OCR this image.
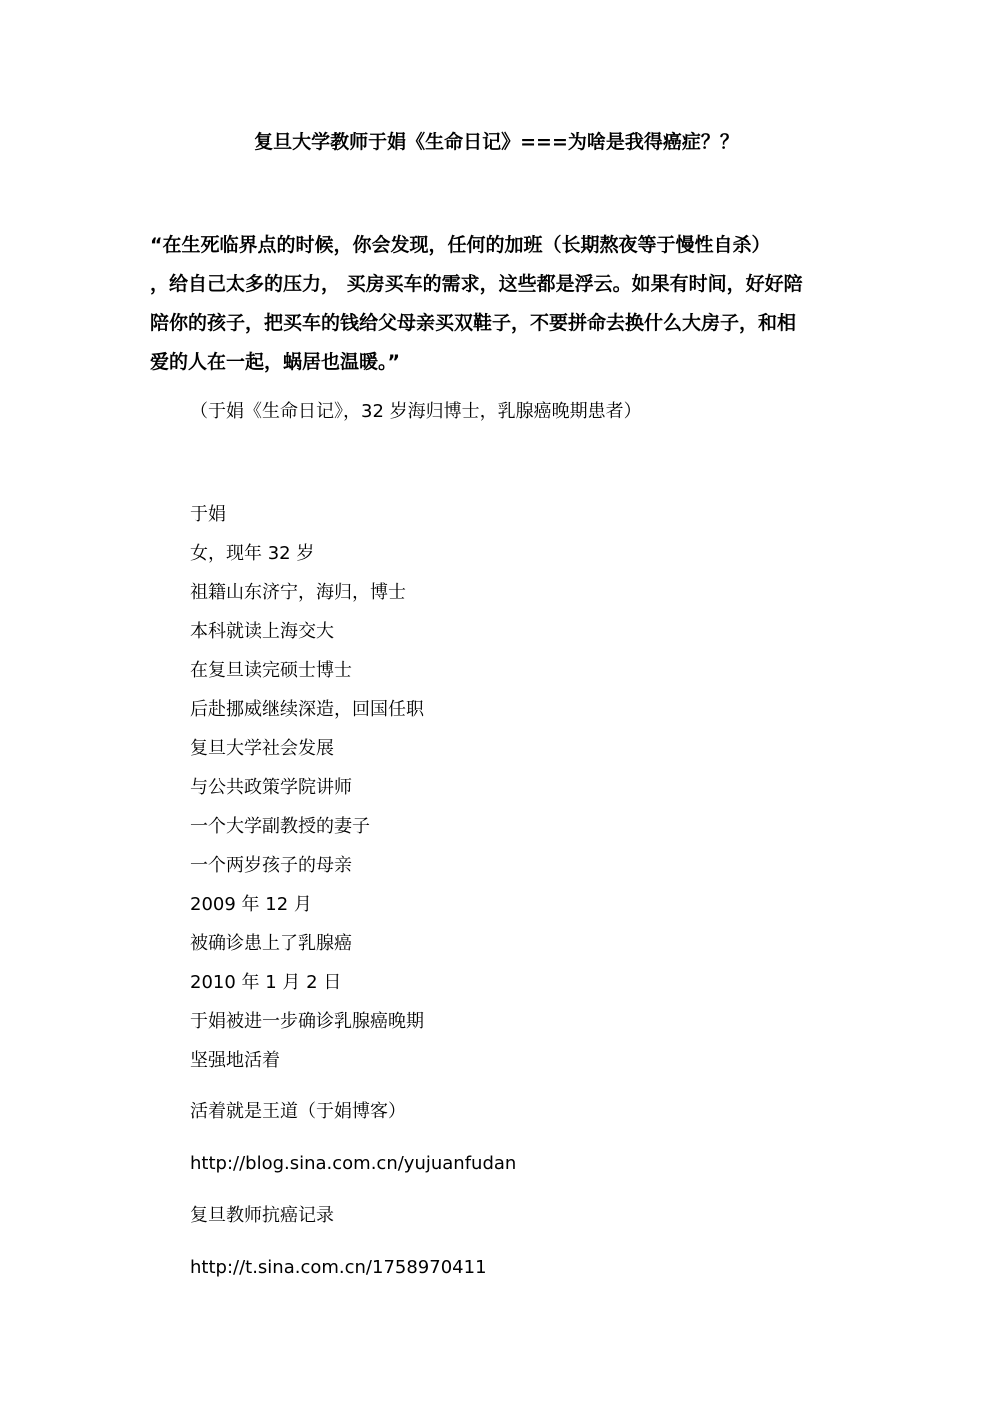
复旦大学教师于娟《生命日记》===为啥是我得癌症？？
“在生死临界点的时候，你会发现，任何的加班（长期熬夜等于慢性自杀）
，给自己太多的压力， 买房买车的需求，这些都是浮云。如果有时间，好好陪
陪你的孩子，把买车的钱给父母亲买双鞋子，不要拼命去换什么大房子，和相
爱的人在一起，蜗居也温暖。”
（于娟《生命日记》，32 岁海归博士，乳腺癌晚期患者）
于娟
女，现年 32 岁
祖籍山东济宁，海归，博士
本科就读上海交大
在复旦读完硕士博士
后赴挪威继续深造，回国任职
复旦大学社会发展
与公共政策学院讲师
一个大学副教授的妻子
一个两岁孩子的母亲
2009 年 12 月
被确诊患上了乳腺癌
2010 年 1 月 2 日
于娟被进一步确诊乳腺癌晚期
坚强地活着
活着就是王道（于娟博客）
http://blog.sina.com.cn/yujuanfudan
复旦教师抗癌记录
http://t.sina.com.cn/1758970411
